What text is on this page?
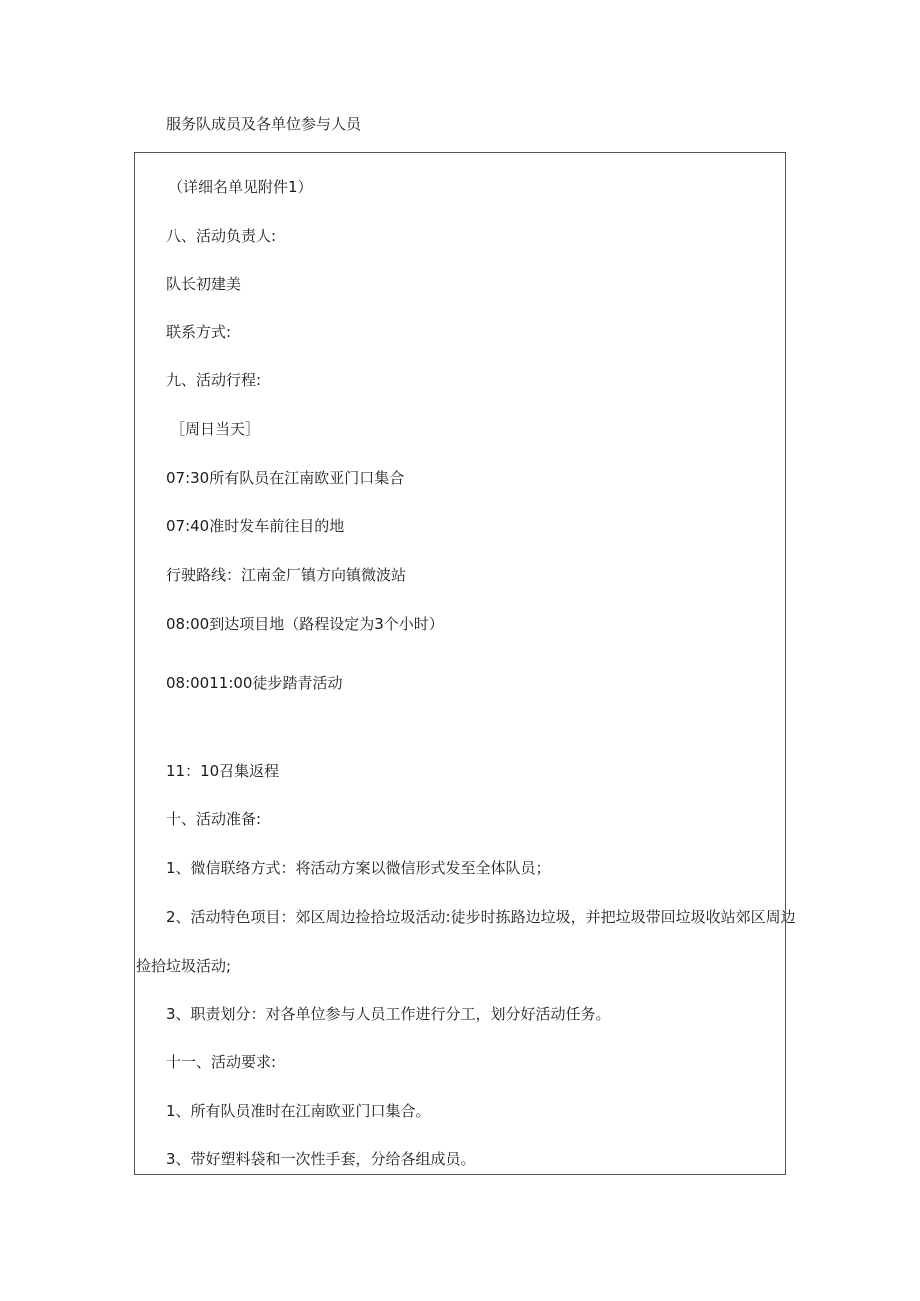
服务队成员及各单位参与人员
（详细名单见附件1）
八、活动负责人:
队长初建美
联系方式:
九、活动行程:
［周日当天］
07:30所有队员在江南欧亚门口集合
07:40准时发车前往目的地
行驶路线：江南金厂镇方向镇微波站
08:00到达项目地（路程设定为3个小时）
08:0011:00徒步踏青活动
11：10召集返程
十、活动准备:
1、微信联络方式：将活动方案以微信形式发至全体队员；
2、活动特色项目：郊区周边捡拾垃圾活动:徒步时拣路边垃圾，并把垃圾带回垃圾收站郊区周边
捡拾垃圾活动;
3、职责划分：对各单位参与人员工作进行分工，划分好活动任务。
十一、活动要求:
1、所有队员准时在江南欧亚门口集合。
3、带好塑料袋和一次性手套，分给各组成员。
